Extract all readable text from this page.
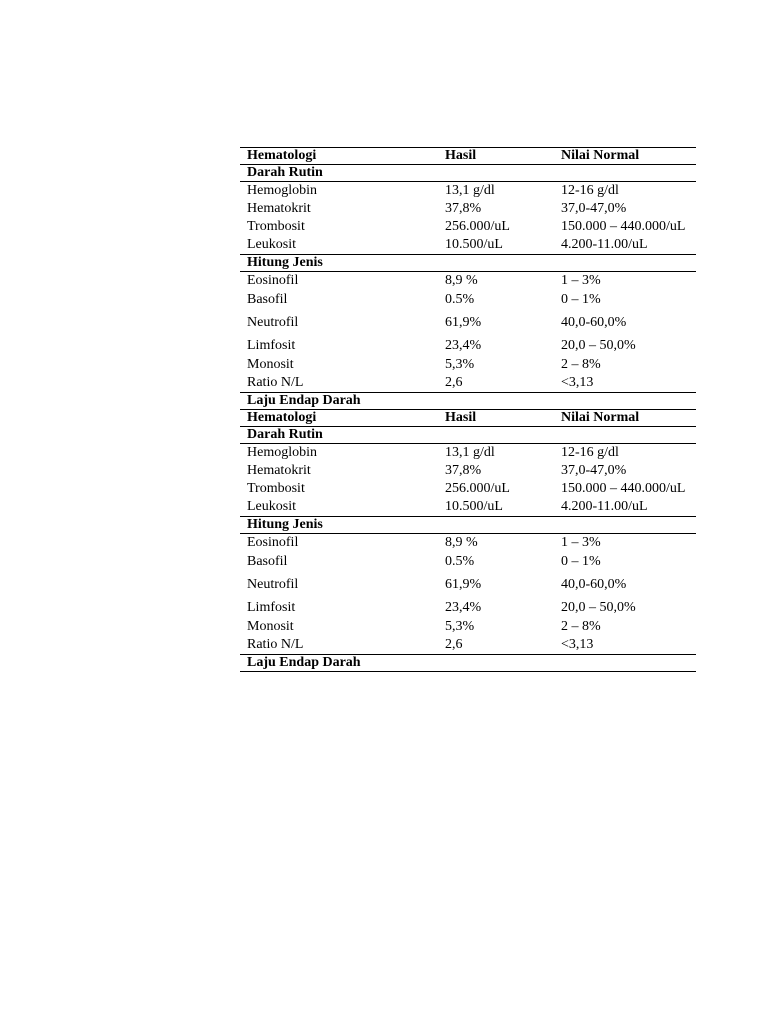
Hematologi	Hasil	Nilai Normal
Darah Rutin		
Hemoglobin	13,1 g/dl	12-16 g/dl
Hematokrit	37,8%	37,0-47,0%
Trombosit	256.000/uL	150.000 – 440.000/uL
Leukosit	10.500/uL	4.200-11.00/uL
Hitung Jenis		
Eosinofil	8,9 %	1 – 3%
Basofil	0.5%	0 – 1%
Neutrofil	61,9%	40,0-60,0%
Limfosit	23,4%	20,0 – 50,0%
Monosit	5,3%	2 – 8%
Ratio N/L	2,6	<3,13
Laju Endap Darah		
Hematologi	Hasil	Nilai Normal
Darah Rutin		
Hemoglobin	13,1 g/dl	12-16 g/dl
Hematokrit	37,8%	37,0-47,0%
Trombosit	256.000/uL	150.000 – 440.000/uL
Leukosit	10.500/uL	4.200-11.00/uL
Hitung Jenis		
Eosinofil	8,9 %	1 – 3%
Basofil	0.5%	0 – 1%
Neutrofil	61,9%	40,0-60,0%
Limfosit	23,4%	20,0 – 50,0%
Monosit	5,3%	2 – 8%
Ratio N/L	2,6	<3,13
Laju Endap Darah		
